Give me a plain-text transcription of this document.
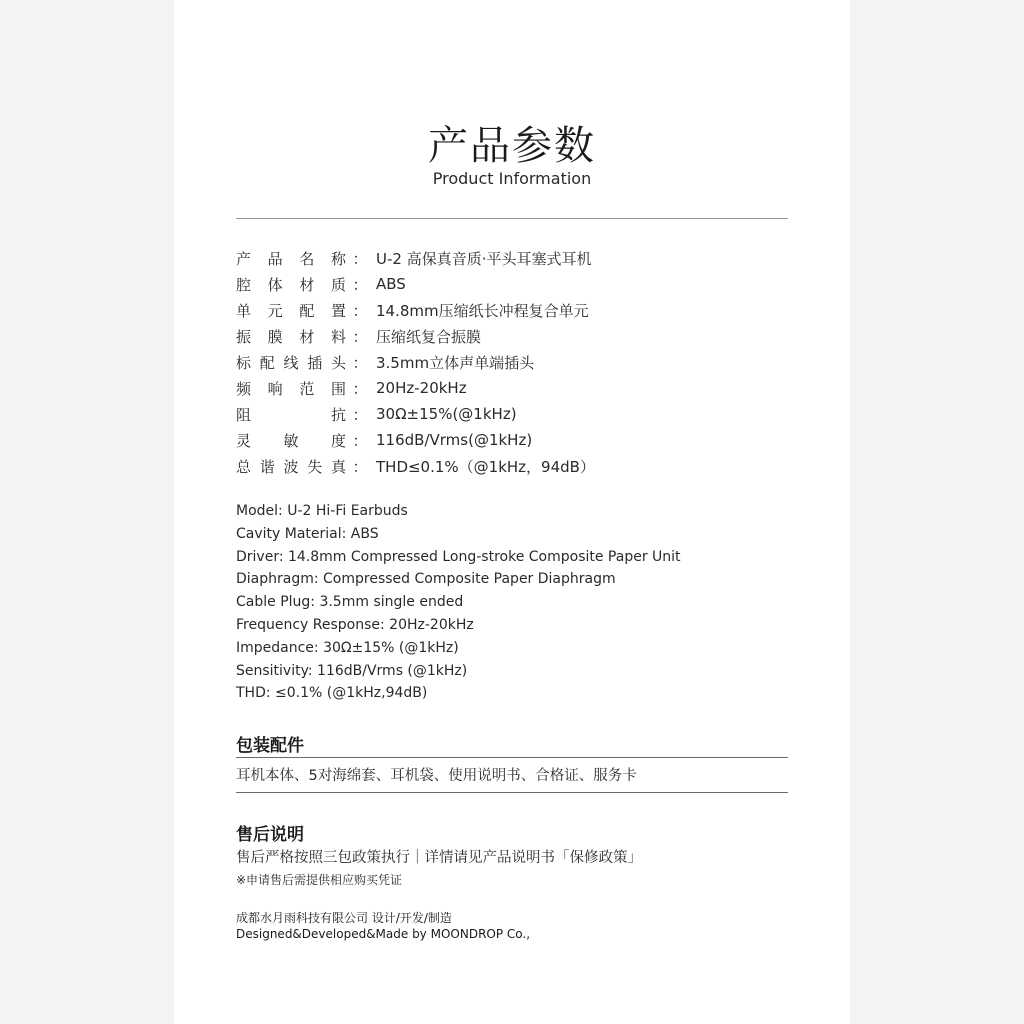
产品参数
Product Information
产 品 名 称 ： U-2 高保真音质·平头耳塞式耳机
腔 体 材 质 ： ABS
单 元 配 置 ： 14.8mm压缩纸长冲程复合单元
振 膜 材 料 ： 压缩纸复合振膜
标 配 线 插 头 ： 3.5mm立体声单端插头
频 响 范 围 ： 20Hz-20kHz
阻	抗 ： 30Ω±15%(@1kHz)
灵 敏 度 ： 116dB/Vrms(@1kHz)
总 谐 波 失 真 ： THD≤0.1%（@1kHz，94dB）
Model: U-2 Hi-Fi Earbuds
Cavity Material: ABS
Driver: 14.8mm Compressed Long-stroke Composite Paper Unit
Diaphragm: Compressed Composite Paper Diaphragm
Cable Plug: 3.5mm single ended
Frequency Response: 20Hz-20kHz
Impedance: 30Ω±15% (@1kHz)
Sensitivity: 116dB/Vrms (@1kHz)
THD: ≤0.1% (@1kHz,94dB)
包装配件
耳机本体、5对海绵套、耳机袋、使用说明书、合格证、服务卡
售后说明
售后严格按照三包政策执行｜详情请见产品说明书「保修政策」
※申请售后需提供相应购买凭证
成都水月雨科技有限公司 设计/开发/制造
Designed&Developed&Made by MOONDROP Co.,
